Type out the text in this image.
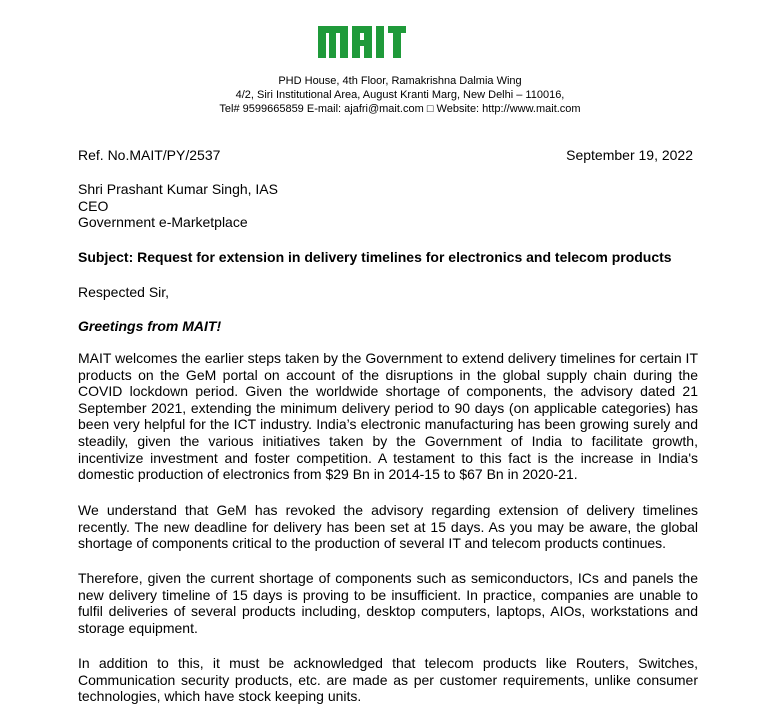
PHD House, 4th Floor, Ramakrishna Dalmia Wing
4/2, Siri Institutional Area, August Kranti Marg, New Delhi – 110016,
Tel# 9599665859 E-mail: ajafri@mait.com □ Website: http://www.mait.com
Ref. No.MAIT/PY/2537	September 19, 2022
Shri Prashant Kumar Singh, IAS
CEO
Government e-Marketplace
Subject: Request for extension in delivery timelines for electronics and telecom products
Respected Sir,
Greetings from MAIT!
MAIT welcomes the earlier steps taken by the Government to extend delivery timelines for certain IT products on the GeM portal on account of the disruptions in the global supply chain during the COVID lockdown period. Given the worldwide shortage of components, the advisory dated 21 September 2021, extending the minimum delivery period to 90 days (on applicable categories) has been very helpful for the ICT industry. India’s electronic manufacturing has been growing surely and steadily, given the various initiatives taken by the Government of India to facilitate growth, incentivize investment and foster competition. A testament to this fact is the increase in India's domestic production of electronics from $29 Bn in 2014-15 to $67 Bn in 2020-21.
We understand that GeM has revoked the advisory regarding extension of delivery timelines recently. The new deadline for delivery has been set at 15 days. As you may be aware, the global shortage of components critical to the production of several IT and telecom products continues.
Therefore, given the current shortage of components such as semiconductors, ICs and panels the new delivery timeline of 15 days is proving to be insufficient. In practice, companies are unable to fulfil deliveries of several products including, desktop computers, laptops, AIOs, workstations and storage equipment.
In addition to this, it must be acknowledged that telecom products like Routers, Switches, Communication security products, etc. are made as per customer requirements, unlike consumer technologies, which have stock keeping units.
